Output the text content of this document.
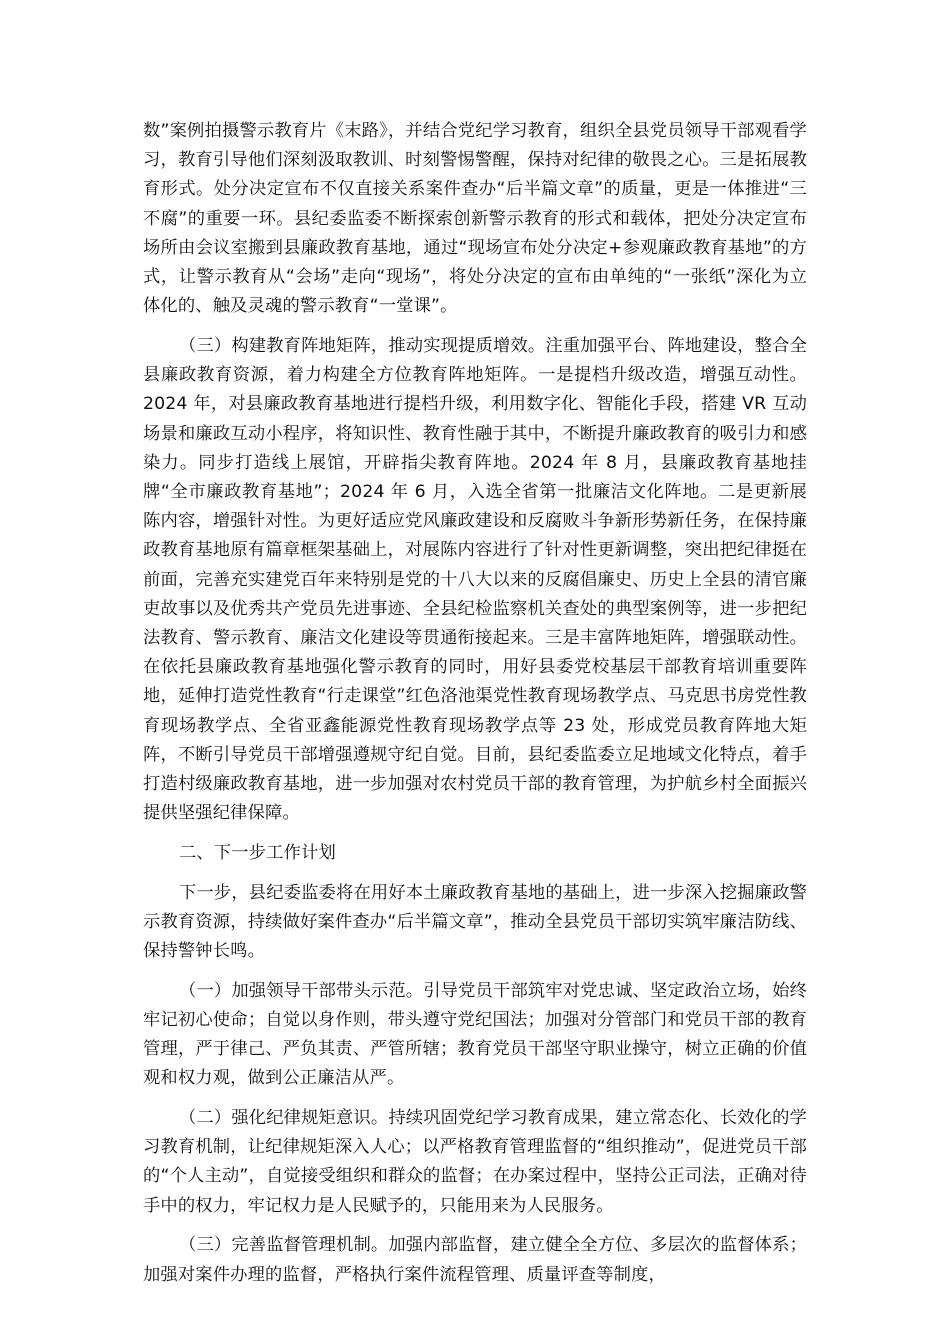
数”案例拍摄警示教育片《末路》，并结合党纪学习教育，组织全县党员领导干部观看学习，教育引导他们深刻汲取教训、时刻警惕警醒，保持对纪律的敬畏之心。三是拓展教育形式。处分决定宣布不仅直接关系案件查办“后半篇文章”的质量，更是一体推进“三不腐”的重要一环。县纪委监委不断探索创新警示教育的形式和载体，把处分决定宣布场所由会议室搬到县廉政教育基地，通过“现场宣布处分决定+参观廉政教育基地”的方式，让警示教育从“会场”走向“现场”，将处分决定的宣布由单纯的“一张纸”深化为立体化的、触及灵魂的警示教育“一堂课”。

（三）构建教育阵地矩阵，推动实现提质增效。注重加强平台、阵地建设，整合全县廉政教育资源，着力构建全方位教育阵地矩阵。一是提档升级改造，增强互动性。2024 年，对县廉政教育基地进行提档升级，利用数字化、智能化手段，搭建 VR 互动场景和廉政互动小程序，将知识性、教育性融于其中，不断提升廉政教育的吸引力和感染力。同步打造线上展馆，开辟指尖教育阵地。2024 年 8 月，县廉政教育基地挂牌“全市廉政教育基地”；2024 年 6 月，入选全省第一批廉洁文化阵地。二是更新展陈内容，增强针对性。为更好适应党风廉政建设和反腐败斗争新形势新任务，在保持廉政教育基地原有篇章框架基础上，对展陈内容进行了针对性更新调整，突出把纪律挺在前面，完善充实建党百年来特别是党的十八大以来的反腐倡廉史、历史上全县的清官廉吏故事以及优秀共产党员先进事迹、全县纪检监察机关查处的典型案例等，进一步把纪法教育、警示教育、廉洁文化建设等贯通衔接起来。三是丰富阵地矩阵，增强联动性。在依托县廉政教育基地强化警示教育的同时，用好县委党校基层干部教育培训重要阵地，延伸打造党性教育“行走课堂”红色洛池渠党性教育现场教学点、马克思书房党性教育现场教学点、全省亚鑫能源党性教育现场教学点等 23 处，形成党员教育阵地大矩阵，不断引导党员干部增强遵规守纪自觉。目前，县纪委监委立足地域文化特点，着手打造村级廉政教育基地，进一步加强对农村党员干部的教育管理，为护航乡村全面振兴提供坚强纪律保障。

二、下一步工作计划

下一步，县纪委监委将在用好本土廉政教育基地的基础上，进一步深入挖掘廉政警示教育资源，持续做好案件查办“后半篇文章”，推动全县党员干部切实筑牢廉洁防线、保持警钟长鸣。

（一）加强领导干部带头示范。引导党员干部筑牢对党忠诚、坚定政治立场，始终牢记初心使命；自觉以身作则，带头遵守党纪国法；加强对分管部门和党员干部的教育管理，严于律己、严负其责、严管所辖；教育党员干部坚守职业操守，树立正确的价值观和权力观，做到公正廉洁从严。

（二）强化纪律规矩意识。持续巩固党纪学习教育成果，建立常态化、长效化的学习教育机制，让纪律规矩深入人心；以严格教育管理监督的“组织推动”，促进党员干部的“个人主动”，自觉接受组织和群众的监督；在办案过程中，坚持公正司法，正确对待手中的权力，牢记权力是人民赋予的，只能用来为人民服务。

（三）完善监督管理机制。加强内部监督，建立健全全方位、多层次的监督体系；加强对案件办理的监督，严格执行案件流程管理、质量评查等制度，
